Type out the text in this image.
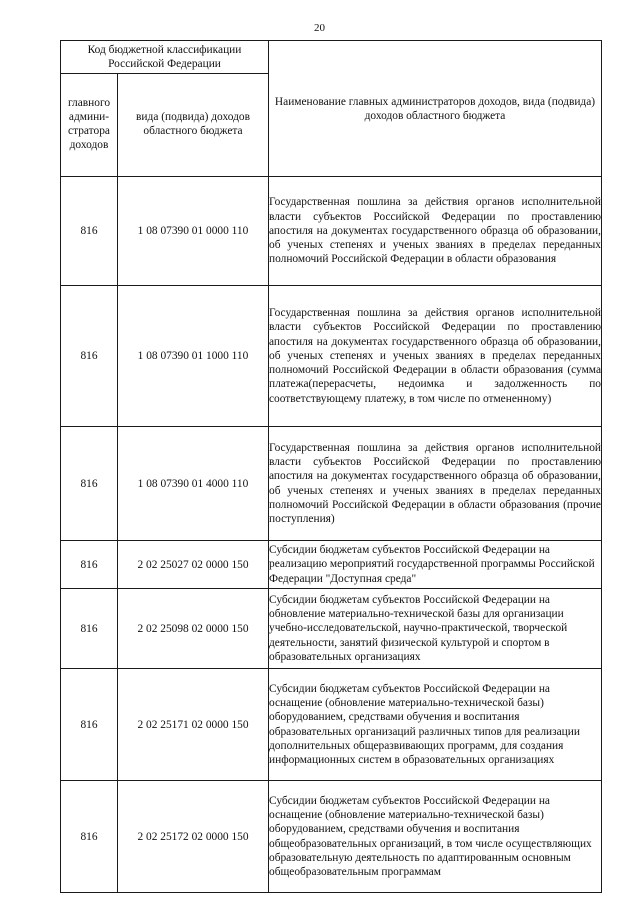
20
Код бюджетной классификации Российской Федерации		Наименование главных администраторов доходов, вида (подвида) доходов областного бюджета
главного админи-стратора доходов	вида (подвида) доходов областного бюджета	
816	1 08 07390 01 0000 110	Государственная пошлина за действия органов исполнительной власти субъектов Российской Федерации по проставлению апостиля на документах государственного образца об образовании, об ученых степенях и ученых званиях в пределах переданных полномочий Российской Федерации в области образования
816	1 08 07390 01 1000 110	Государственная пошлина за действия органов исполнительной власти субъектов Российской Федерации по проставлению апостиля на документах государственного образца об образовании, об ученых степенях и ученых званиях в пределах переданных полномочий Российской Федерации в области образования (сумма платежа(перерасчеты, недоимка и задолженность по соответствующему платежу, в том числе по отмененному)
816	1 08 07390 01 4000 110	Государственная пошлина за действия органов исполнительной власти субъектов Российской Федерации по проставлению апостиля на документах государственного образца об образовании, об ученых степенях и ученых званиях в пределах переданных полномочий Российской Федерации в области образования (прочие поступления)
816	2 02 25027 02 0000 150	Субсидии бюджетам субъектов Российской Федерации на реализацию мероприятий государственной программы Российской Федерации "Доступная среда"
816	2 02 25098 02 0000 150	Субсидии бюджетам субъектов Российской Федерации на обновление материально-технической базы для организации учебно-исследовательской, научно-практической, творческой деятельности, занятий физической культурой и спортом в образовательных организациях
816	2 02 25171 02 0000 150	Субсидии бюджетам субъектов Российской Федерации на оснащение (обновление материально-технической базы) оборудованием, средствами обучения и воспитания образовательных организаций различных типов для реализации дополнительных общеразвивающих программ, для создания информационных систем в образовательных организациях
816	2 02 25172 02 0000 150	Субсидии бюджетам субъектов Российской Федерации на оснащение (обновление материально-технической базы) оборудованием, средствами обучения и воспитания общеобразовательных организаций, в том числе осуществляющих образовательную деятельность по адаптированным основным общеобразовательным программам
